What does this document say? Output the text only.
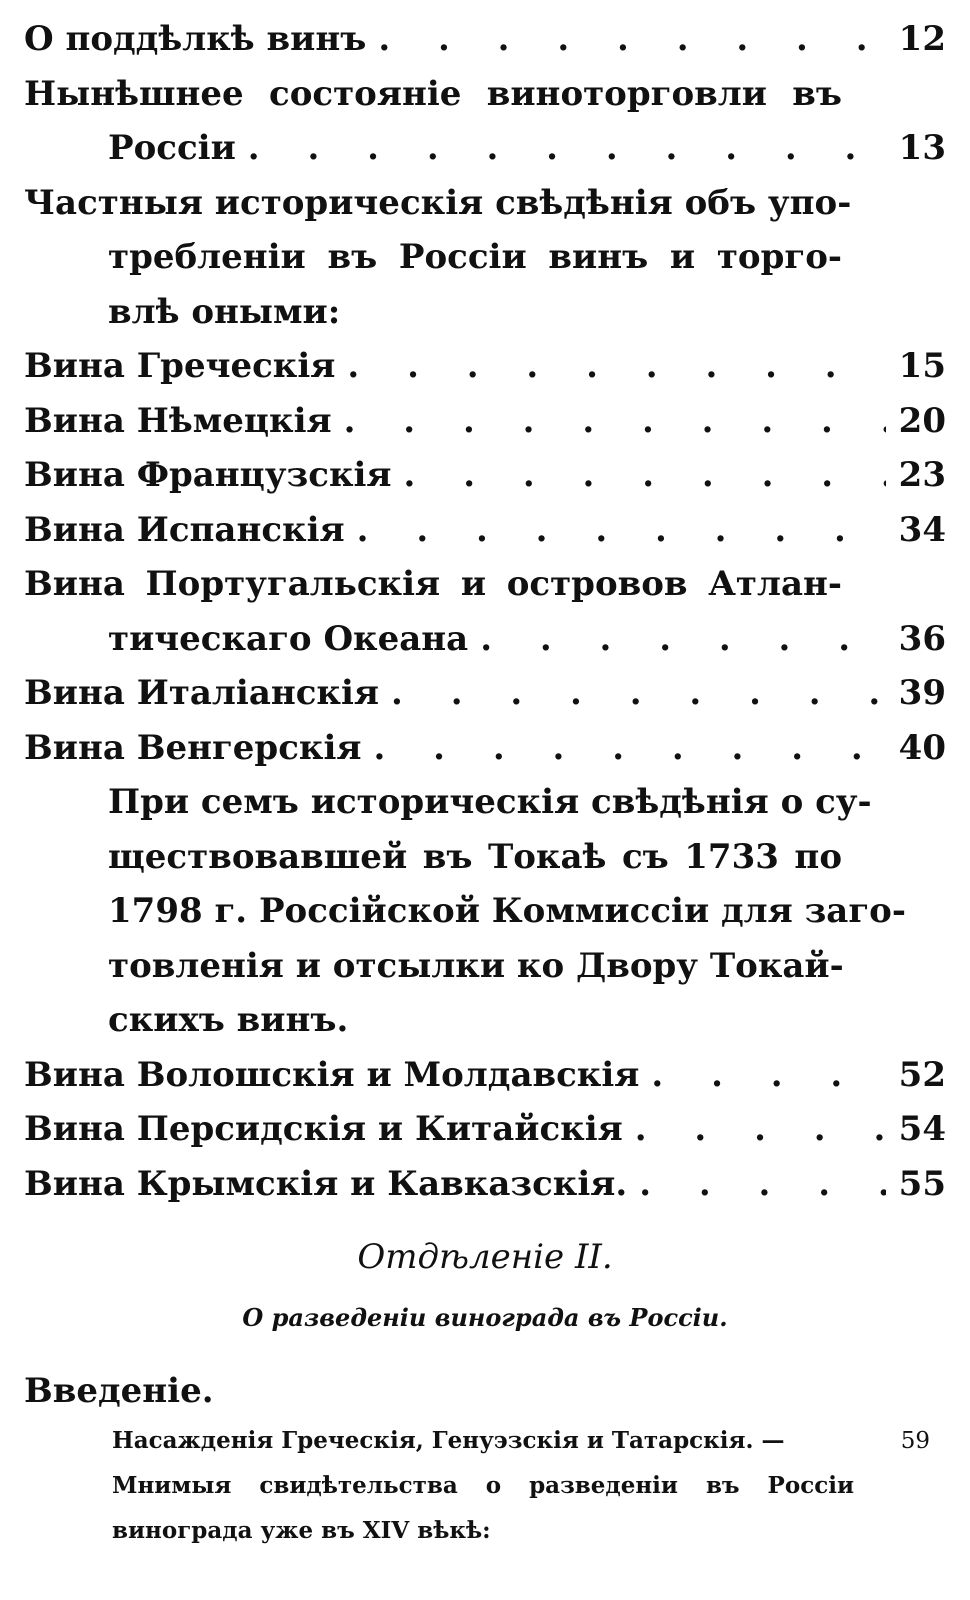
О поддѣлкѣ винъ . . .	12
Нынѣшнее состояніе виноторговли въ
Россіи . . .	13
Частныя историческія свѣдѣнія объ упо-
требленіи въ Россіи винъ и торго-
влѣ оными:
Вина Греческія . . .	15
Вина Нѣмецкія . . .	20
Вина Французскія . . .	23
Вина Испанскія . . .	34
Вина Португальскія и островов Атлан-
тическаго Океана . . .	36
Вина Италіанскія . . .	39
Вина Венгерскія . . .	40
При семъ историческія свѣдѣнія о су-
ществовавшей въ Токаѣ съ 1733 по
1798 г. Россійской Коммиссіи для заго-
товленія и отсылки ко Двору Токай-
скихъ винъ.
Вина Волошскія и Молдавскія . . .	52
Вина Персидскія и Китайскія . . .	54
Вина Крымскія и Кавказскія. . . .	55
Отдѣленіе II.
О разведеніи винограда въ Россіи.
Введеніе.
Насажденія Греческія, Генуэзскія и Татарскія. —	59
Мнимыя свидѣтельства о разведеніи въ Россіи
винограда уже въ XIV вѣкѣ:
